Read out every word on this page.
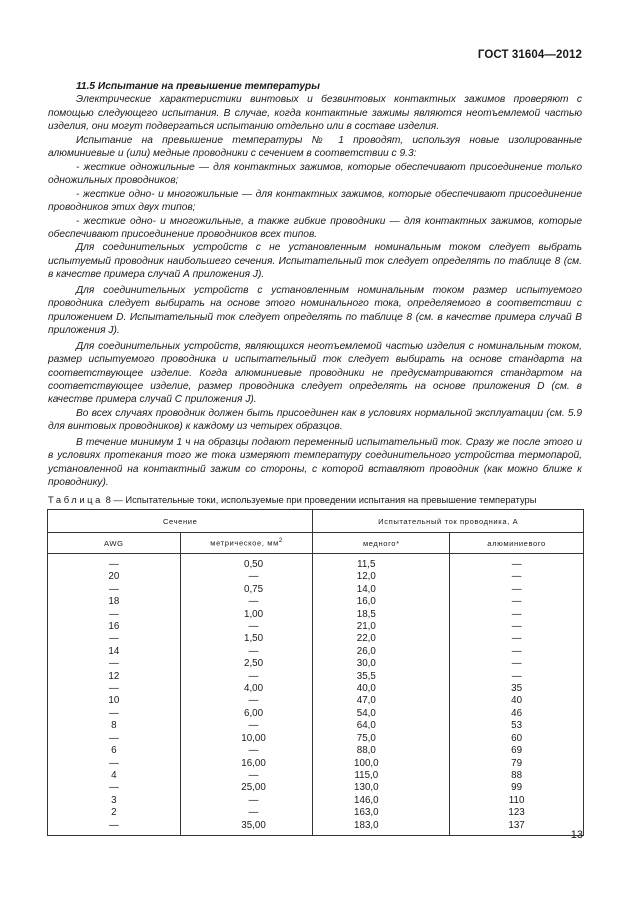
ГОСТ 31604—2012

11.5 Испытание на превышение температуры

Электрические характеристики винтовых и безвинтовых контактных зажимов проверяют с помощью следующего испытания. В случае, когда контактные зажимы являются неотъемлемой частью изделия, они могут подвергаться испытанию отдельно или в составе изделия.

Испытание на превышение температуры № 1 проводят, используя новые изолированные алюминиевые и (или) медные проводники с сечением в соответствии с 9.3:

- жесткие одножильные — для контактных зажимов, которые обеспечивают присоединение только одножильных проводников;

- жесткие одно- и многожильные — для контактных зажимов, которые обеспечивают присоединение проводников этих двух типов;

- жесткие одно- и многожильные, а также гибкие проводники — для контактных зажимов, которые обеспечивают присоединение проводников всех типов.

Для соединительных устройств с не установленным номинальным током следует выбрать испытуемый проводник наибольшего сечения. Испытательный ток следует определять по таблице 8 (см. в качестве примера случай А приложения J).

Для соединительных устройств с установленным номинальным током размер испытуемого проводника следует выбирать на основе этого номинального тока, определяемого в соответствии с приложением D. Испытательный ток следует определять по таблице 8 (см. в качестве примера случай В приложения J).

Для соединительных устройств, являющихся неотъемлемой частью изделия с номинальным током, размер испытуемого проводника и испытательный ток следует выбирать на основе стандарта на соответствующее изделие. Когда алюминиевые проводники не предусматриваются стандартом на соответствующее изделие, размер проводника следует определять на основе приложения D (см. в качестве примера случай С приложения J).

Во всех случаях проводник должен быть присоединен как в условиях нормальной эксплуатации (см. 5.9 для винтовых проводников) к каждому из четырех образцов.

В течение минимум 1 ч на образцы подают переменный испытательный ток. Сразу же после этого и в условиях протекания того же тока измеряют температуру соединительного устройства термопарой, установленной на контактный зажим со стороны, с которой вставляют проводник (как можно ближе к проводнику).

Таблица 8 — Испытательные токи, используемые при проведении испытания на превышение температуры
Сечение		Испытательный ток проводника, А	
AWG	метрическое, $мм^2$	медного*	алюминиевого
—	0,50	11,5	—
20	—	12,0	—
—	0,75	14,0	—
18	—	16,0	—
—	1,00	18,5	—
16	—	21,0	—
—	1,50	22,0	—
14	—	26,0	—
—	2,50	30,0	—
12	—	35,5	—
—	4,00	40,0	35
10	—	47,0	40
—	6,00	54,0	46
8	—	64,0	53
—	10,00	75,0	60
6	—	88,0	69
—	16,00	100,0	79
4	—	115,0	88
—	25,00	130,0	99
3	—	146,0	110
2	—	163,0	123
—	35,00	183,0	137
13
